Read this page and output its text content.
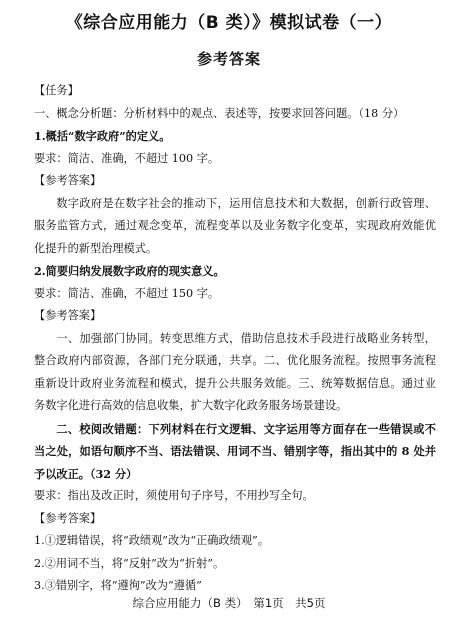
《综合应用能力（B 类）》模拟试卷（一）
参考答案
【任务】
一、概念分析题：分析材料中的观点、表述等，按要求回答问题。（18 分）
1.概括“数字政府”的定义。
要求：简洁、准确，不超过 100 字。
【参考答案】
数字政府是在数字社会的推动下，运用信息技术和大数据，创新行政管理、服务监管方式，通过观念变革，流程变革以及业务数字化变革，实现政府效能优化提升的新型治理模式。
2.简要归纳发展数字政府的现实意义。
要求：简洁、准确，不超过 150 字。
【参考答案】
一、加强部门协同。转变思维方式，借助信息技术手段进行战略业务转型，整合政府内部资源，各部门充分联通，共享。二、优化服务流程。按照事务流程重新设计政府业务流程和模式，提升公共服务效能。三、统筹数据信息。通过业务数字化进行高效的信息收集，扩大数字化政务服务场景建设。
二、校阅改错题：下列材料在行文逻辑、文字运用等方面存在一些错误或不当之处，如语句顺序不当、语法错误、用词不当、错别字等，指出其中的 8 处并予以改正。（32 分）
要求：指出及改正时，须使用句子序号，不用抄写全句。
【参考答案】
1.①逻辑错误，将“政绩观”改为“正确政绩观”。
2.②用词不当，将“反射”改为“折射”。
3.③错别字，将“遵徇”改为“遵循”
综合应用能力（B 类）　第1页　共5页
